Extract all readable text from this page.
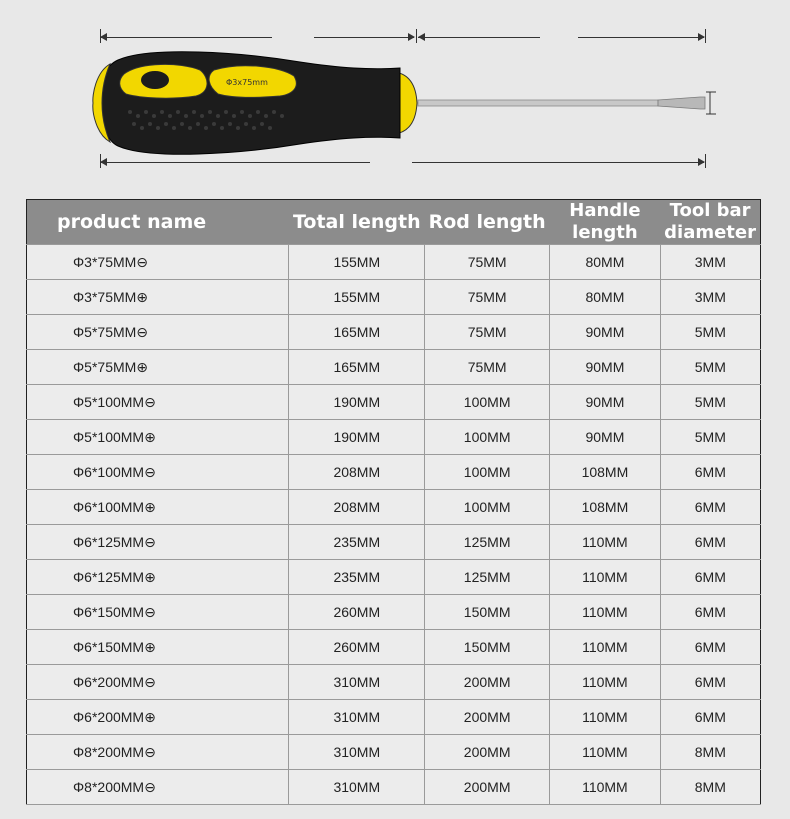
Φ3x75mm
product name	Total length	Rod length	Handle length	Tool bar diameter
Φ3*75MM⊖	155MM	75MM	80MM	3MM
Φ3*75MM⊕	155MM	75MM	80MM	3MM
Φ5*75MM⊖	165MM	75MM	90MM	5MM
Φ5*75MM⊕	165MM	75MM	90MM	5MM
Φ5*100MM⊖	190MM	100MM	90MM	5MM
Φ5*100MM⊕	190MM	100MM	90MM	5MM
Φ6*100MM⊖	208MM	100MM	108MM	6MM
Φ6*100MM⊕	208MM	100MM	108MM	6MM
Φ6*125MM⊖	235MM	125MM	110MM	6MM
Φ6*125MM⊕	235MM	125MM	110MM	6MM
Φ6*150MM⊖	260MM	150MM	110MM	6MM
Φ6*150MM⊕	260MM	150MM	110MM	6MM
Φ6*200MM⊖	310MM	200MM	110MM	6MM
Φ6*200MM⊕	310MM	200MM	110MM	6MM
Φ8*200MM⊖	310MM	200MM	110MM	8MM
Φ8*200MM⊖	310MM	200MM	110MM	8MM
